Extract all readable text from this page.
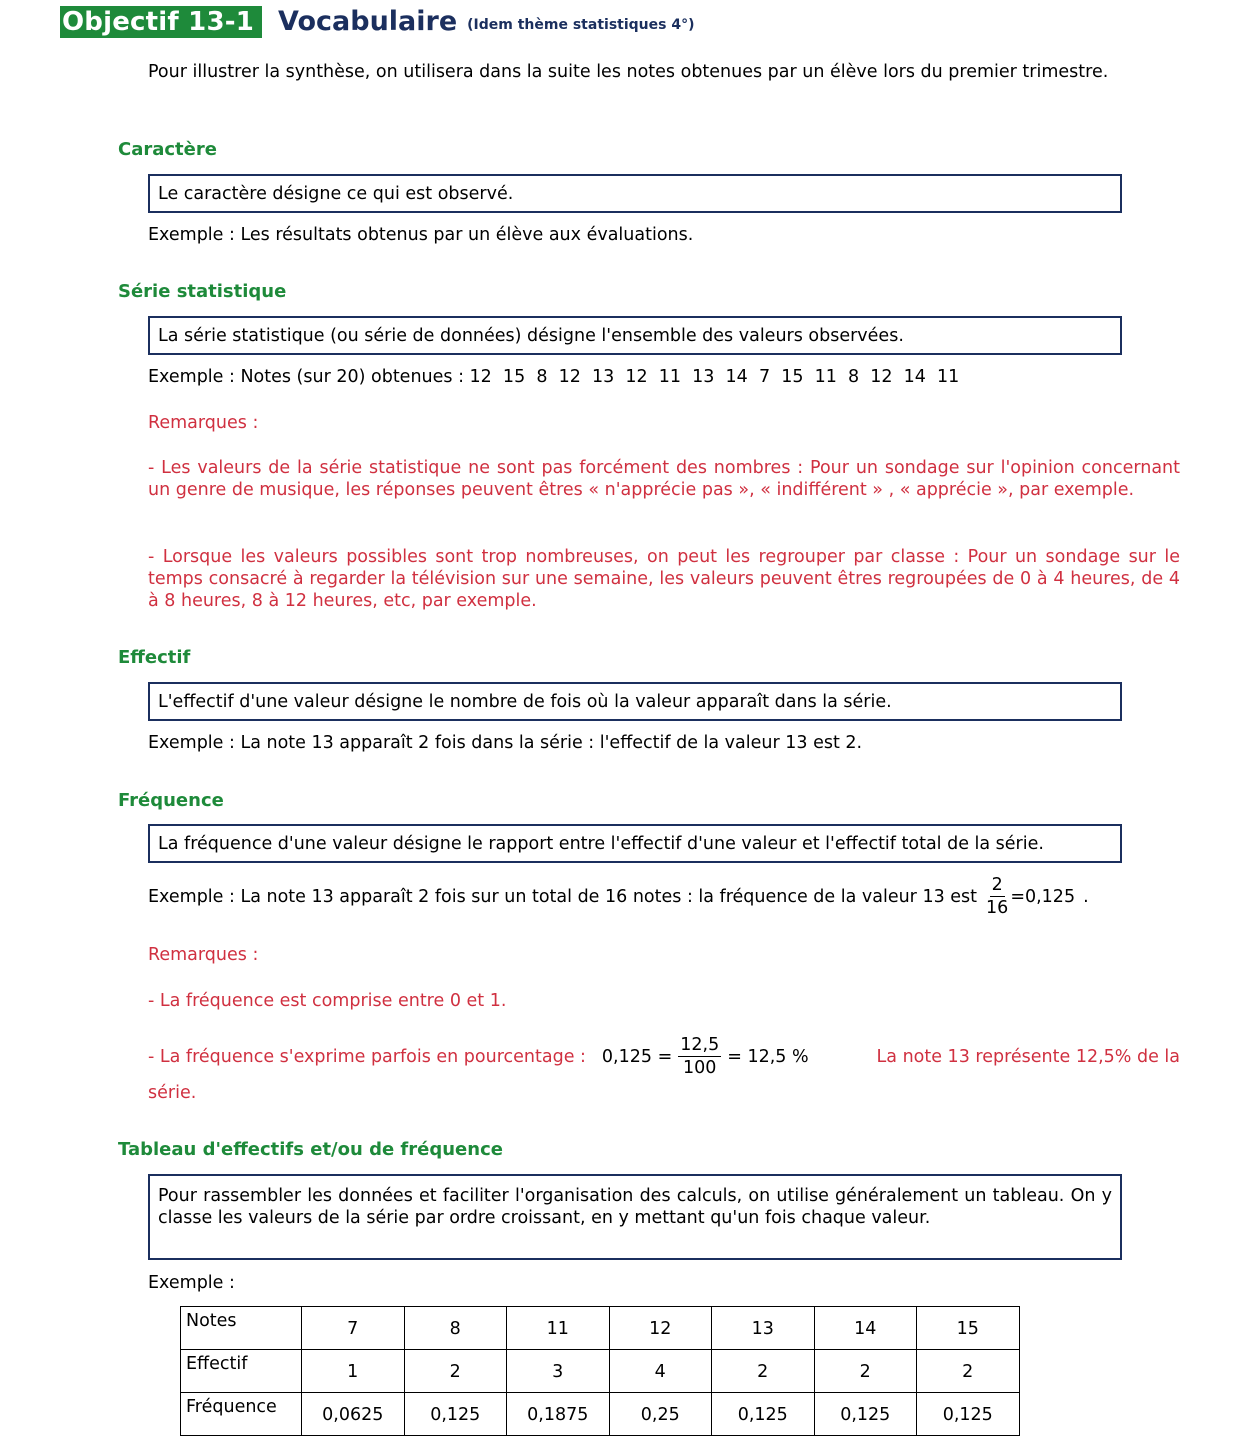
Objectif 13-1 Vocabulaire (Idem thème statistiques 4°)
Pour illustrer la synthèse, on utilisera dans la suite les notes obtenues par un élève lors du premier trimestre.
Caractère
Le caractère désigne ce qui est observé.
Exemple : Les résultats obtenus par un élève aux évaluations.
Série statistique
La série statistique (ou série de données) désigne l'ensemble des valeurs observées.
Exemple : Notes (sur 20) obtenues : 12  15  8  12  13  12  11  13  14  7  15  11  8  12  14  11
Remarques :
- Les valeurs de la série statistique ne sont pas forcément des nombres : Pour un sondage sur l'opinion concernant un genre de musique, les réponses peuvent êtres « n'apprécie pas », « indifférent » , « apprécie », par exemple.
- Lorsque les valeurs possibles sont trop nombreuses, on peut les regrouper par classe : Pour un sondage sur le temps consacré à regarder la télévision sur une semaine, les valeurs peuvent êtres regroupées de 0 à 4 heures, de 4 à 8 heures, 8 à 12 heures, etc, par exemple.
Effectif
L'effectif d'une valeur désigne le nombre de fois où la valeur apparaît dans la série.
Exemple : La note 13 apparaît 2 fois dans la série : l'effectif de la valeur 13 est 2.
Fréquence
La fréquence d'une valeur désigne le rapport entre l'effectif d'une valeur et l'effectif total de la série.
Exemple : La note 13 apparaît 2 fois sur un total de 16 notes : la fréquence de la valeur 13 est $\frac{2}{16} =0,125$ .
Remarques :
- La fréquence est comprise entre 0 et 1.
- La fréquence s'exprime parfois en pourcentage : $0,125 = \frac{12,5}{100} = 12,5$ %	La note 13 représente 12,5% de la
série.
Tableau d'effectifs et/ou de fréquence
Pour rassembler les données et faciliter l'organisation des calculs, on utilise généralement un tableau. On y classe les valeurs de la série par ordre croissant, en y mettant qu'un fois chaque valeur.
Exemple :
Notes	7	8	11	12	13	14	15
Effectif	1	2	3	4	2	2	2
Fréquence	0,0625	0,125	0,1875	0,25	0,125	0,125	0,125
